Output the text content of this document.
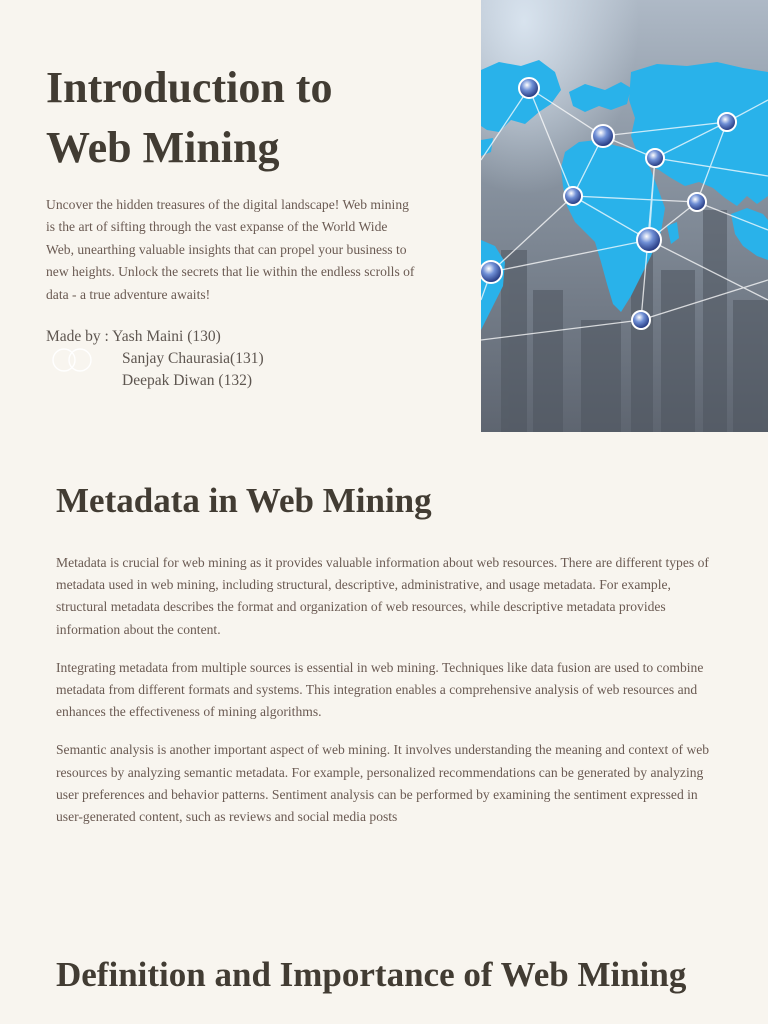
Introduction to
Web Mining

Uncover the hidden treasures of the digital landscape! Web mining is the art of sifting through the vast expanse of the World Wide Web, unearthing valuable insights that can propel your business to new heights. Unlock the secrets that lie within the endless scrolls of data - a true adventure awaits!

Made by : Yash Maini (130)
Sanjay Chaurasia(131)
Deepak Diwan (132)
Metadata in Web Mining

Metadata is crucial for web mining as it provides valuable information about web resources. There are different types of metadata used in web mining, including structural, descriptive, administrative, and usage metadata. For example, structural metadata describes the format and organization of web resources, while descriptive metadata provides information about the content.

Integrating metadata from multiple sources is essential in web mining. Techniques like data fusion are used to combine metadata from different formats and systems. This integration enables a comprehensive analysis of web resources and enhances the effectiveness of mining algorithms.

Semantic analysis is another important aspect of web mining. It involves understanding the meaning and context of web resources by analyzing semantic metadata. For example, personalized recommendations can be generated by analyzing user preferences and behavior patterns. Sentiment analysis can be performed by examining the sentiment expressed in user-generated content, such as reviews and social media posts

Definition and Importance of Web Mining
